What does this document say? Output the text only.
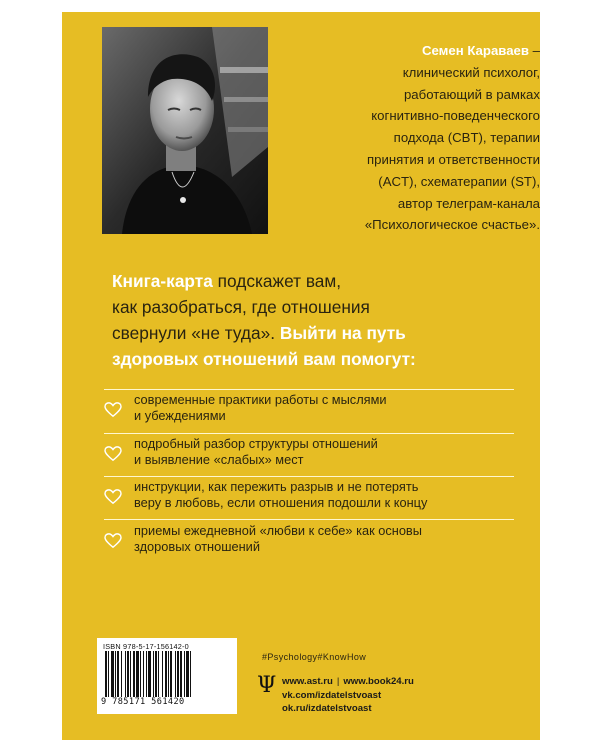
Семен Караваев –
клинический психолог,
работающий в рамках
когнитивно-поведенческого
подхода (CBT), терапии
принятия и ответственности
(ACT), схематерапии (ST),
автор телеграм-канала
«Психологическое счастье».
Книга-карта подскажет вам,
как разобраться, где отношения
свернули «не туда». Выйти на путь
здоровых отношений вам помогут:
современные практики работы с мыслями
и убеждениями
подробный разбор структуры отношений
и выявление «слабых» мест
инструкции, как пережить разрыв и не потерять
веру в любовь, если отношения подошли к концу
приемы ежедневной «любви к себе» как основы
здоровых отношений
ISBN 978-5-17-156142-0
9 785171 561420
#Psychology#KnowHow
Ψ www.ast.ru | www.book24.ru
vk.com/izdatelstvoast
ok.ru/izdatelstvoast
